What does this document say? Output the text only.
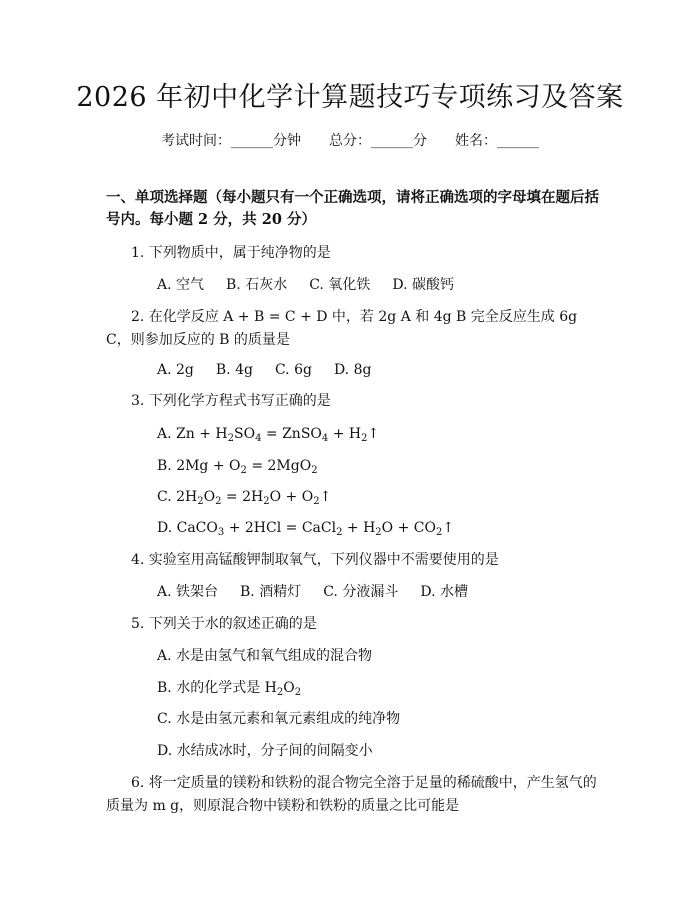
2026 年初中化学计算题技巧专项练习及答案
考试时间：______分钟 总分：______分 姓名：______
一、单项选择题（每小题只有一个正确选项，请将正确选项的字母填在题后括号内。每小题 2 分，共 20 分）
1. 下列物质中，属于纯净物的是
A. 空气 B. 石灰水 C. 氧化铁 D. 碳酸钙
2. 在化学反应 A + B = C + D 中，若 2g A 和 4g B 完全反应生成 6g C，则参加反应的 B 的质量是
A. 2g B. 4g C. 6g D. 8g
3. 下列化学方程式书写正确的是
A. $Zn + H_2SO_4$ = ZnSO$_4$ + $H_2↑$
B. $2Mg + O_2 = 2MgO_2$
C. $2H_2O_2 = 2H_2O$ + $O_2↑$
D. CaCO$_3$ + 2HCl = CaCl$_2$ + $H_2O$ + $CO_2↑$
4. 实验室用高锰酸钾制取氧气，下列仪器中不需要使用的是
A. 铁架台 B. 酒精灯 C. 分液漏斗 D. 水槽
5. 下列关于水的叙述正确的是
A. 水是由氢气和氧气组成的混合物
B. 水的化学式是 $H_2O_2$
C. 水是由氢元素和氧元素组成的纯净物
D. 水结成冰时，分子间的间隔变小
6. 将一定质量的镁粉和铁粉的混合物完全溶于足量的稀硫酸中，产生氢气的质量为 m g，则原混合物中镁粉和铁粉的质量之比可能是
